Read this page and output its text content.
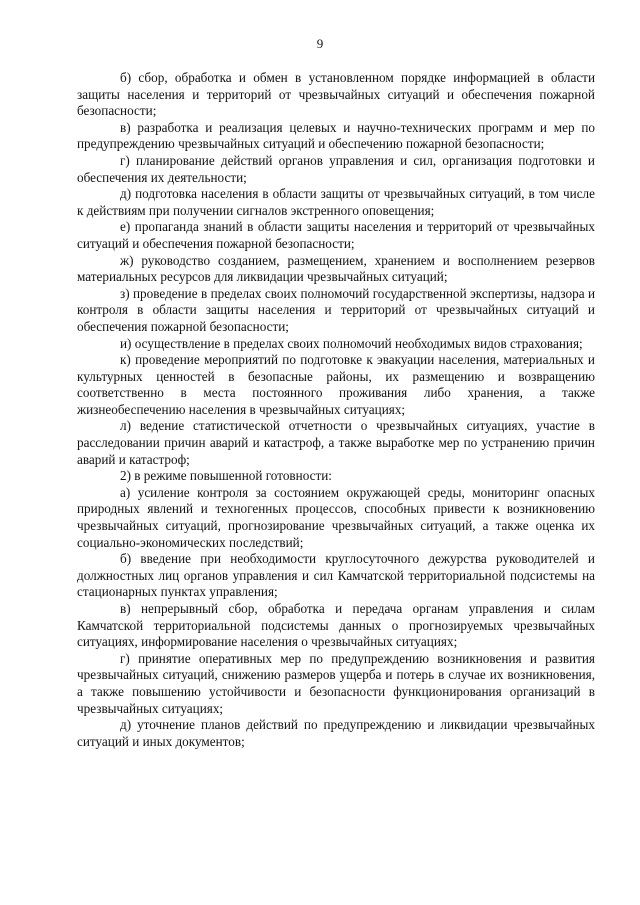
9

б) сбор, обработка и обмен в установленном порядке информацией в области защиты населения и территорий от чрезвычайных ситуаций и обеспечения пожарной безопасности;

в) разработка и реализация целевых и научно-технических программ и мер по предупреждению чрезвычайных ситуаций и обеспечению пожарной безопасности;

г) планирование действий органов управления и сил, организация подготовки и обеспечения их деятельности;

д) подготовка населения в области защиты от чрезвычайных ситуаций, в том числе к действиям при получении сигналов экстренного оповещения;

е) пропаганда знаний в области защиты населения и территорий от чрезвычайных ситуаций и обеспечения пожарной безопасности;

ж) руководство созданием, размещением, хранением и восполнением резервов материальных ресурсов для ликвидации чрезвычайных ситуаций;

з) проведение в пределах своих полномочий государственной экспертизы, надзора и контроля в области защиты населения и территорий от чрезвычайных ситуаций и обеспечения пожарной безопасности;

и) осуществление в пределах своих полномочий необходимых видов страхования;

к) проведение мероприятий по подготовке к эвакуации населения, материальных и культурных ценностей в безопасные районы, их размещению и возвращению соответственно в места постоянного проживания либо хранения, а также жизнеобеспечению населения в чрезвычайных ситуациях;

л) ведение статистической отчетности о чрезвычайных ситуациях, участие в расследовании причин аварий и катастроф, а также выработке мер по устранению причин аварий и катастроф;

2) в режиме повышенной готовности:

а) усиление контроля за состоянием окружающей среды, мониторинг опасных природных явлений и техногенных процессов, способных привести к возникновению чрезвычайных ситуаций, прогнозирование чрезвычайных ситуаций, а также оценка их социально-экономических последствий;

б) введение при необходимости круглосуточного дежурства руководителей и должностных лиц органов управления и сил Камчатской территориальной подсистемы на стационарных пунктах управления;

в) непрерывный сбор, обработка и передача органам управления и силам Камчатской территориальной подсистемы данных о прогнозируемых чрезвычайных ситуациях, информирование населения о чрезвычайных ситуациях;

г) принятие оперативных мер по предупреждению возникновения и развития чрезвычайных ситуаций, снижению размеров ущерба и потерь в случае их возникновения, а также повышению устойчивости и безопасности функционирования организаций в чрезвычайных ситуациях;

д) уточнение планов действий по предупреждению и ликвидации чрезвычайных ситуаций и иных документов;
